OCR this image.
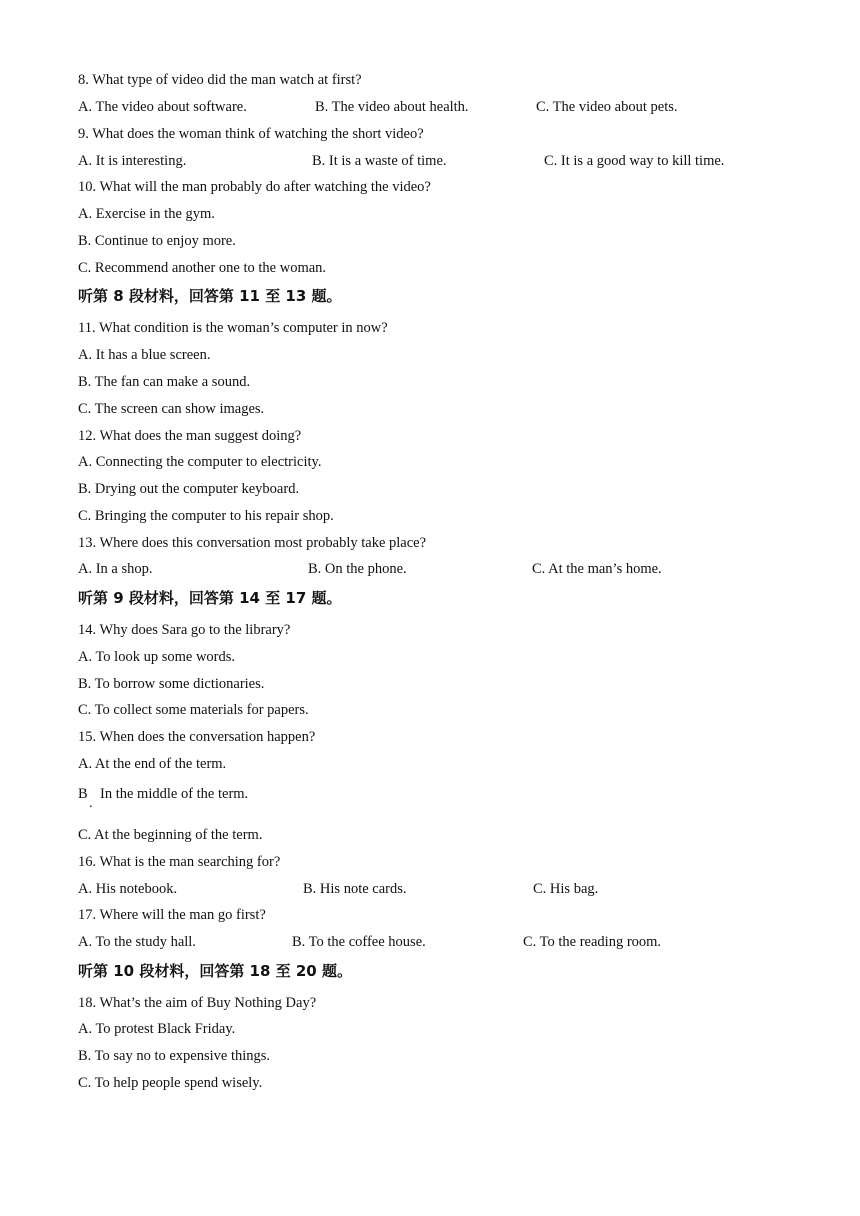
8. What type of video did the man watch at first?
A. The video about software.	B. The video about health.	C. The video about pets.
9. What does the woman think of watching the short video?
A. It is interesting.	B. It is a waste of time.	C. It is a good way to kill time.
10. What will the man probably do after watching the video?
A. Exercise in the gym.
B. Continue to enjoy more.
C. Recommend another one to the woman.
听第 8 段材料，回答第 11 至 13 题。
11. What condition is the woman’s computer in now?
A. It has a blue screen.
B. The fan can make a sound.
C. The screen can show images.
12. What does the man suggest doing?
A. Connecting the computer to electricity.
B. Drying out the computer keyboard.
C. Bringing the computer to his repair shop.
13. Where does this conversation most probably take place?
A. In a shop.	B. On the phone.	C. At the man’s home.
听第 9 段材料，回答第 14 至 17 题。
14. Why does Sara go to the library?
A. To look up some words.
B. To borrow some dictionaries.
C. To collect some materials for papers.
15. When does the conversation happen?
A. At the end of the term.
B
.
In the middle of the term.
C. At the beginning of the term.
16. What is the man searching for?
A. His notebook.	B. His note cards.	C. His bag.
17. Where will the man go first?
A. To the study hall.	B. To the coffee house.	C. To the reading room.
听第 10 段材料，回答第 18 至 20 题。
18. What’s the aim of Buy Nothing Day?
A. To protest Black Friday.
B. To say no to expensive things.
C. To help people spend wisely.
